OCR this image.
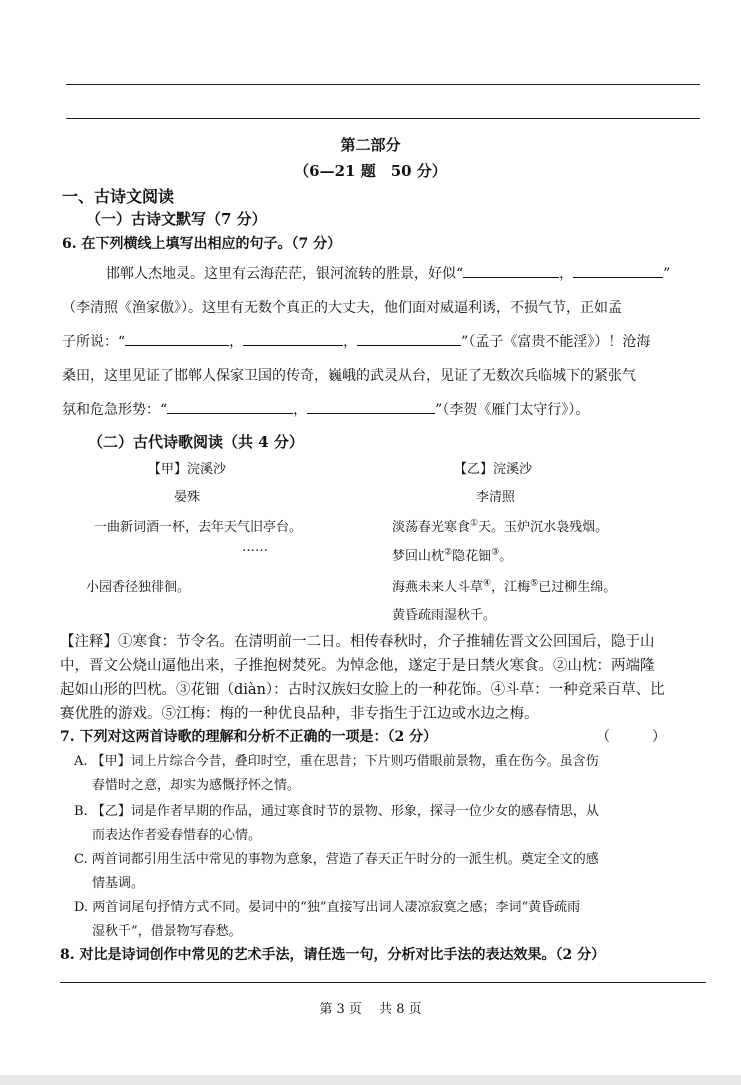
第二部分
（6—21 题　50 分）
一、古诗文阅读
（一）古诗文默写（7 分）
6. 在下列横线上填写出相应的句子。（7 分）
邯郸人杰地灵。这里有云海茫茫，银河流转的胜景，好似“	，	”
（李清照《渔家傲》）。这里有无数个真正的大丈夫，他们面对威逼利诱，不损气节，正如孟
子所说：“	，	，	”（孟子《富贵不能淫》）！沧海
桑田，这里见证了邯郸人保家卫国的传奇，巍峨的武灵从台，见证了无数次兵临城下的紧张气
氛和危急形势：“	，	”（李贺《雁门太守行》）。
（二）古代诗歌阅读（共 4 分）
【甲】浣溪沙
晏殊
一曲新词酒一杯，去年天气旧亭台。
……
小园香径独徘徊。
【乙】浣溪沙
李清照
淡荡春光寒食①天。玉炉沉水袅残烟。
梦回山枕②隐花钿③。
海燕未来人斗草④，江梅⑤已过柳生绵。
黄昏疏雨湿秋千。
【注释】①寒食：节令名。在清明前一二日。相传春秋时，介子推辅佐晋文公回国后，隐于山
中，晋文公烧山逼他出来，子推抱树焚死。为悼念他，遂定于是日禁火寒食。②山枕：两端隆
起如山形的凹枕。③花钿（diàn）：古时汉族妇女脸上的一种花饰。④斗草：一种竞采百草、比
赛优胜的游戏。⑤江梅：梅的一种优良品种，非专指生于江边或水边之梅。
7. 下列对这两首诗歌的理解和分析不正确的一项是：（2 分）	（　　　）
A. 【甲】词上片综合今昔，叠印时空，重在思昔；下片则巧借眼前景物，重在伤今。虽含伤
春惜时之意，却实为感慨抒怀之情。
B. 【乙】词是作者早期的作品，通过寒食时节的景物、形象，探寻一位少女的感春情思，从
而表达作者爱春惜春的心情。
C. 两首词都引用生活中常见的事物为意象，营造了春天正午时分的一派生机。奠定全文的感
情基调。
D. 两首词尾句抒情方式不同。晏词中的“独”直接写出词人凄凉寂寞之感；李词“黄昏疏雨
湿秋千”，借景物写春愁。
8. 对比是诗词创作中常见的艺术手法，请任选一句，分析对比手法的表达效果。（2 分）
第 3 页　 共 8 页
